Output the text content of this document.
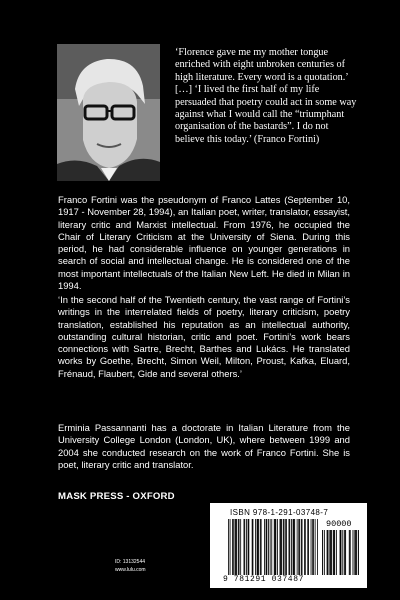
‘Florence gave me my mother tongue enriched with eight unbroken centuries of high literature. Every word is a quotation.’ […] ‘I lived the first half of my life persuaded that poetry could act in some way against what I would call the “triumphant organisation of the bastards”. I do not believe this today.’ (Franco Fortini)

Franco Fortini was the pseudonym of Franco Lattes (September 10, 1917 - November 28, 1994), an Italian poet, writer, translator, essayist, literary critic and Marxist intellectual. From 1976, he occupied the Chair of Literary Criticism at the University of Siena. During this period, he had considerable influence on younger generations in search of social and intellectual change. He is considered one of the most important intellectuals of the Italian New Left. He died in Milan in 1994.

‘In the second half of the Twentieth century, the vast range of Fortini’s writings in the interrelated fields of poetry, literary criticism, poetry translation, established his reputation as an intellectual authority, outstanding cultural historian, critic and poet. Fortini’s work bears connections with Sartre, Brecht, Barthes and Lukács. He translated works by Goethe, Brecht, Simon Weil, Milton, Proust, Kafka, Eluard, Frénaud, Flaubert, Gide and several others.’

Erminia Passannanti has a doctorate in Italian Literature from the University College London (London, UK), where between 1999 and 2004 she conducted research on the work of Franco Fortini. She is poet, literary critic and translator.

MASK PRESS - OXFORD

ID: 13132544
www.lulu.com
ISBN 978-1-291-03748-7
90000
9 781291 037487
